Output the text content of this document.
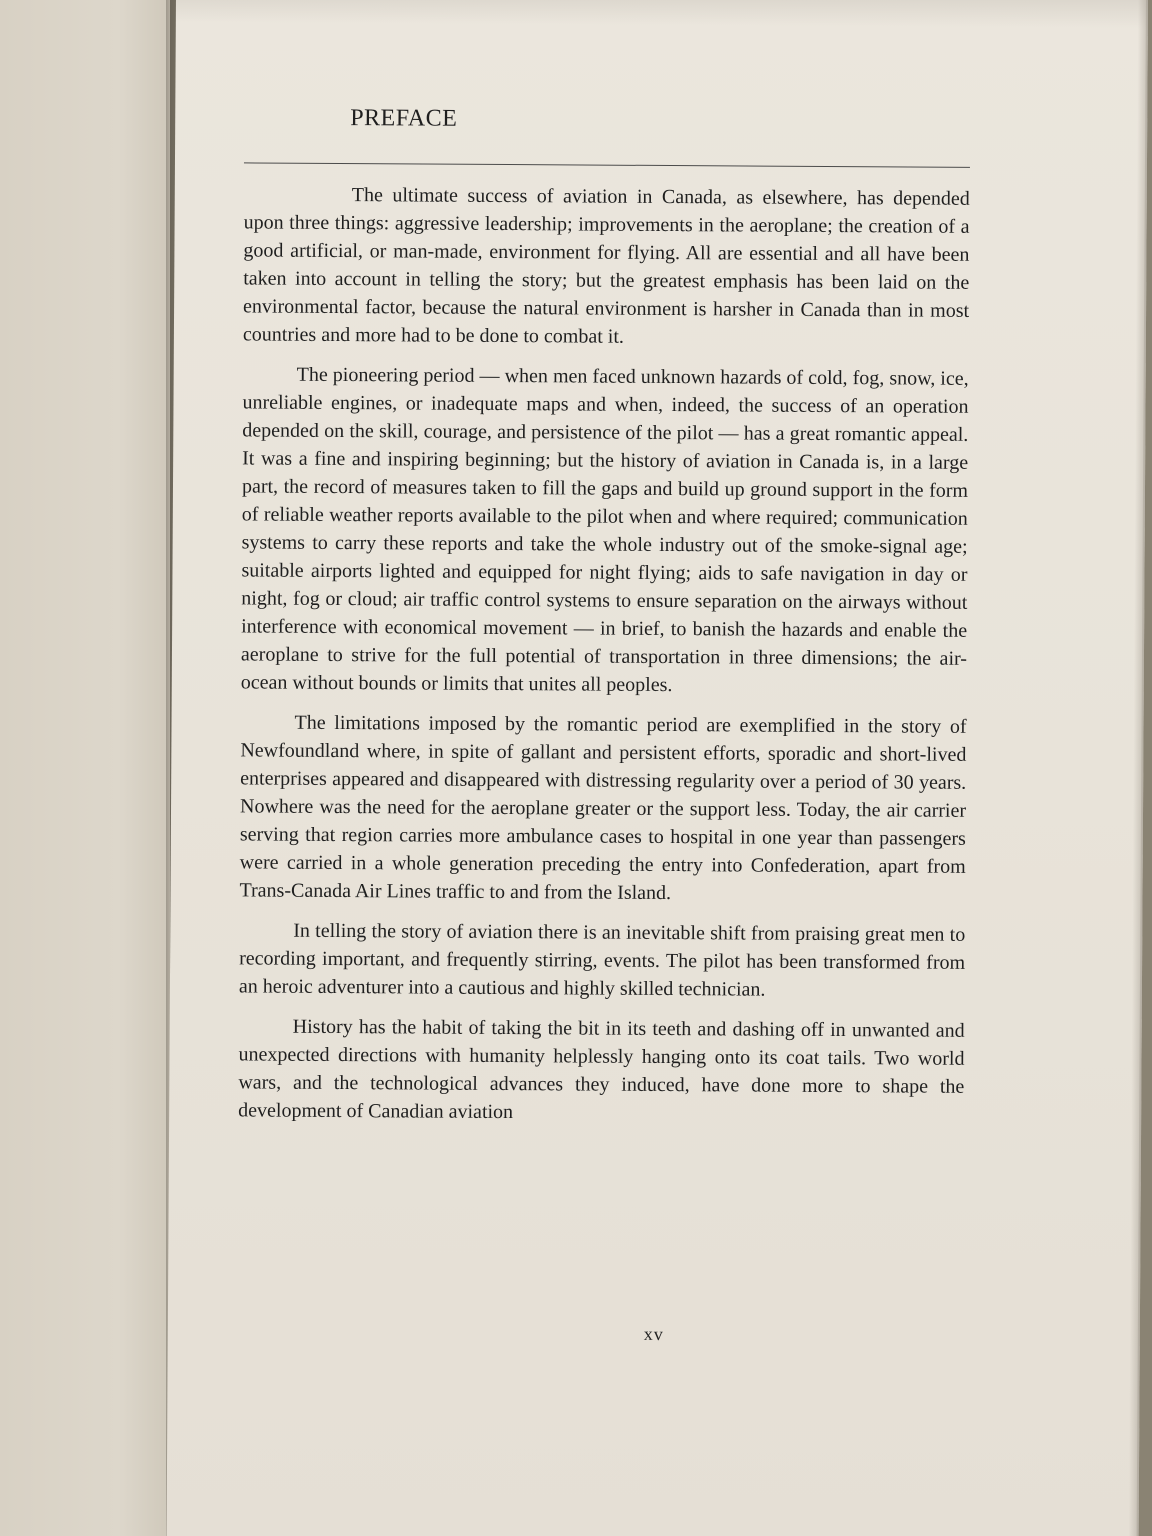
PREFACE

The ultimate success of aviation in Canada, as elsewhere, has depended upon three things: aggressive leadership; improvements in the aeroplane; the creation of a good artificial, or man-made, environment for flying. All are essential and all have been taken into account in telling the story; but the greatest emphasis has been laid on the environmental factor, because the natural environment is harsher in Canada than in most countries and more had to be done to combat it.

The pioneering period — when men faced unknown hazards of cold, fog, snow, ice, unreliable engines, or inadequate maps and when, indeed, the success of an operation depended on the skill, courage, and persistence of the pilot — has a great romantic appeal. It was a fine and inspiring beginning; but the history of aviation in Canada is, in a large part, the record of measures taken to fill the gaps and build up ground support in the form of reliable weather reports available to the pilot when and where required; communication systems to carry these reports and take the whole industry out of the smoke-signal age; suitable airports lighted and equipped for night flying; aids to safe navigation in day or night, fog or cloud; air traffic control systems to ensure separation on the airways without interference with economical movement — in brief, to banish the hazards and enable the aeroplane to strive for the full potential of transportation in three dimensions; the air-ocean without bounds or limits that unites all peoples.

The limitations imposed by the romantic period are exemplified in the story of Newfoundland where, in spite of gallant and persistent efforts, sporadic and short-lived enterprises appeared and disappeared with distressing regularity over a period of 30 years. Nowhere was the need for the aeroplane greater or the support less. Today, the air carrier serving that region carries more ambulance cases to hospital in one year than passengers were carried in a whole generation preceding the entry into Confederation, apart from Trans-Canada Air Lines traffic to and from the Island.

In telling the story of aviation there is an inevitable shift from praising great men to recording important, and frequently stirring, events. The pilot has been transformed from an heroic adventurer into a cautious and highly skilled technician.

History has the habit of taking the bit in its teeth and dashing off in unwanted and unexpected directions with humanity helplessly hanging onto its coat tails. Two world wars, and the technological advances they induced, have done more to shape the development of Canadian aviation

xv
